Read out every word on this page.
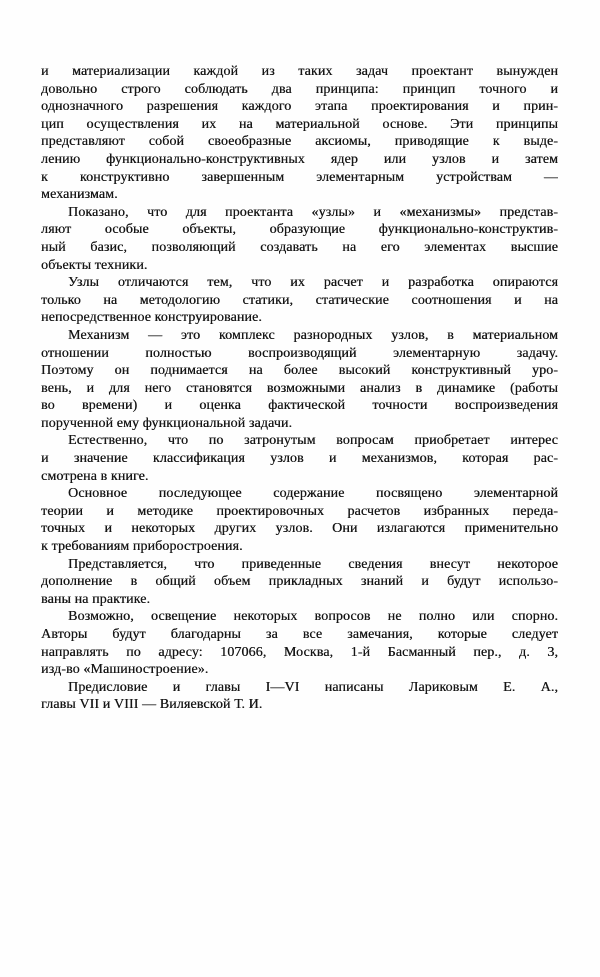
и материализации каждой из таких задач проектант вынужден
довольно строго соблюдать два принципа: принцип точного и
однозначного разрешения каждого этапа проектирования и прин-
цип осуществления их на материальной основе. Эти принципы
представляют собой своеобразные аксиомы, приводящие к выде-
лению функционально-конструктивных ядер или узлов и затем
к конструктивно завершенным элементарным устройствам —
механизмам.
Показано, что для проектанта «узлы» и «механизмы» представ-
ляют особые объекты, образующие функционально-конструктив-
ный базис, позволяющий создавать на его элементах высшие
объекты техники.
Узлы отличаются тем, что их расчет и разработка опираются
только на методологию статики, статические соотношения и на
непосредственное конструирование.
Механизм — это комплекс разнородных узлов, в материальном
отношении полностью воспроизводящий элементарную задачу.
Поэтому он поднимается на более высокий конструктивный уро-
вень, и для него становятся возможными анализ в динамике (работы
во времени) и оценка фактической точности воспроизведения
порученной ему функциональной задачи.
Естественно, что по затронутым вопросам приобретает интерес
и значение классификация узлов и механизмов, которая рас-
смотрена в книге.
Основное последующее содержание посвящено элементарной
теории и методике проектировочных расчетов избранных переда-
точных и некоторых других узлов. Они излагаются применительно
к требованиям приборостроения.
Представляется, что приведенные сведения внесут некоторое
дополнение в общий объем прикладных знаний и будут использо-
ваны на практике.
Возможно, освещение некоторых вопросов не полно или спорно.
Авторы будут благодарны за все замечания, которые следует
направлять по адресу: 107066, Москва, 1-й Басманный пер., д. 3,
изд-во «Машиностроение».
Предисловие и главы I—VI написаны Лариковым Е. А.,
главы VII и VIII — Виляевской Т. И.
